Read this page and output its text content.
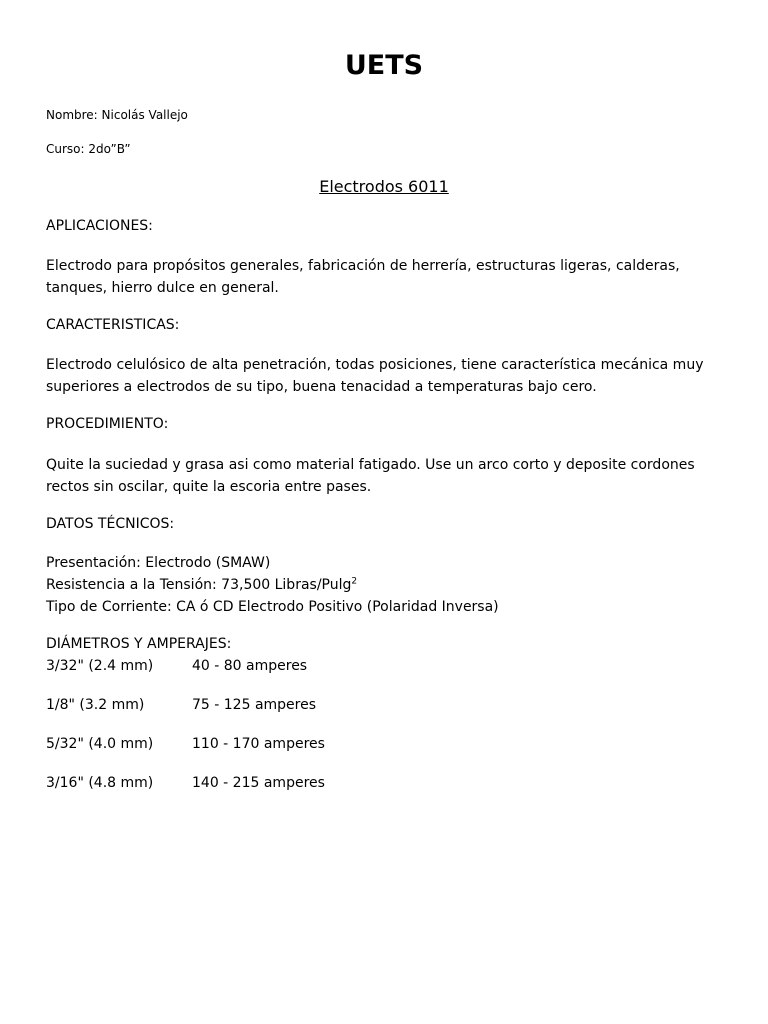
UETS
Nombre: Nicolás Vallejo
Curso: 2do”B”
Electrodos 6011
APLICACIONES:
Electrodo para propósitos generales, fabricación de herrería, estructuras ligeras, calderas,
tanques, hierro dulce en general.
CARACTERISTICAS:
Electrodo celulósico de alta penetración, todas posiciones, tiene característica mecánica muy
superiores a electrodos de su tipo, buena tenacidad a temperaturas bajo cero.
PROCEDIMIENTO:
Quite la suciedad y grasa asi como material fatigado. Use un arco corto y deposite cordones
rectos sin oscilar, quite la escoria entre pases.
DATOS TÉCNICOS:
Presentación: Electrodo (SMAW)
Resistencia a la Tensión: 73,500 Libras/Pulg$^2$
Tipo de Corriente: CA ó CD Electrodo Positivo (Polaridad Inversa)
DIÁMETROS Y AMPERAJES:
3/32" (2.4 mm)	40 - 80 amperes
1/8" (3.2 mm)	75 - 125 amperes
5/32" (4.0 mm)	110 - 170 amperes
3/16" (4.8 mm)	140 - 215 amperes
